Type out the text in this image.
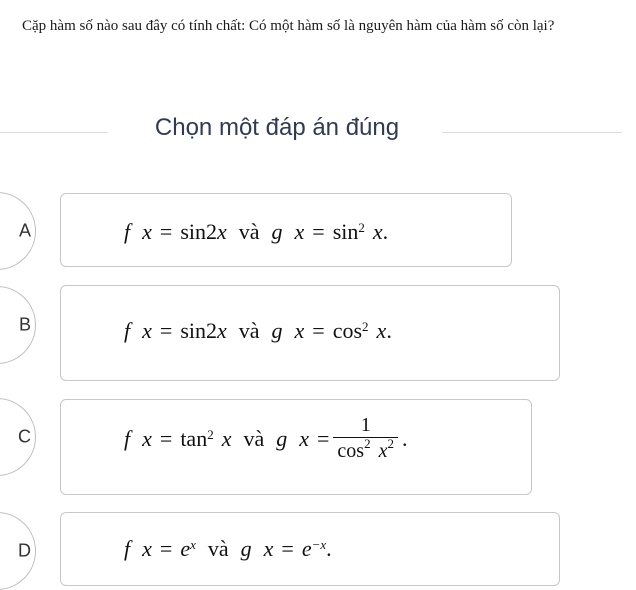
Cặp hàm số nào sau đây có tính chất: Có một hàm số là nguyên hàm của hàm số còn lại?
Chọn một đáp án đúng
A	f x = sin 2 x và g $x = \sin^2 x$ .
B	f x = sin 2 x và g $x = \cos^2 x$ .
C	f $x = \tan^2 x$ và g $x = \frac{1}{\cos^2 x^2}$ .
D	f $x = e^x$ và g $x = e^{-x}$ .
